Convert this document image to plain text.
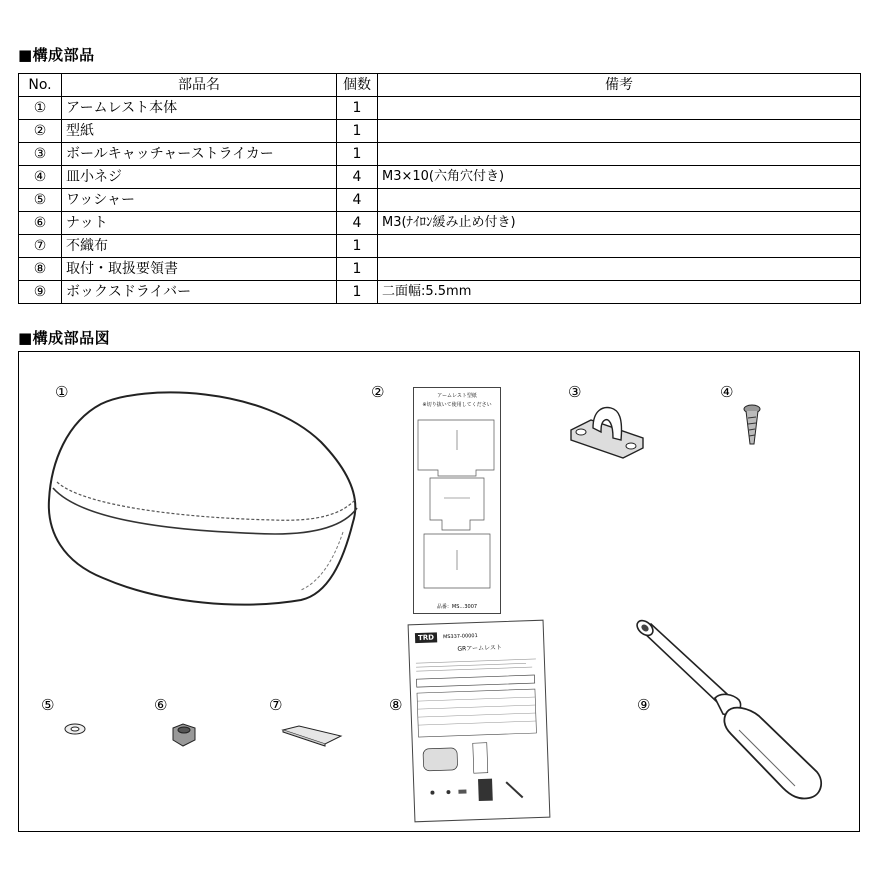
■構成部品
No.	部品名	個数	備考
①	アームレスト本体	1	
②	型紙	1	
③	ボールキャッチャーストライカー	1	
④	皿小ネジ	4	M3×10(六角穴付き)
⑤	ワッシャー	4	
⑥	ナット	4	M3(ﾅｲﾛﾝ緩み止め付き)
⑦	不織布	1	
⑧	取付・取扱要領書	1	
⑨	ボックスドライバー	1	二面幅:5.5mm
■構成部品図
①	②	③	④
⑤	⑥	⑦	⑧	⑨
アームレスト型紙
※切り抜いて使用してください
品番：MS…3007
TRD	MS337-00001
GRアームレスト
